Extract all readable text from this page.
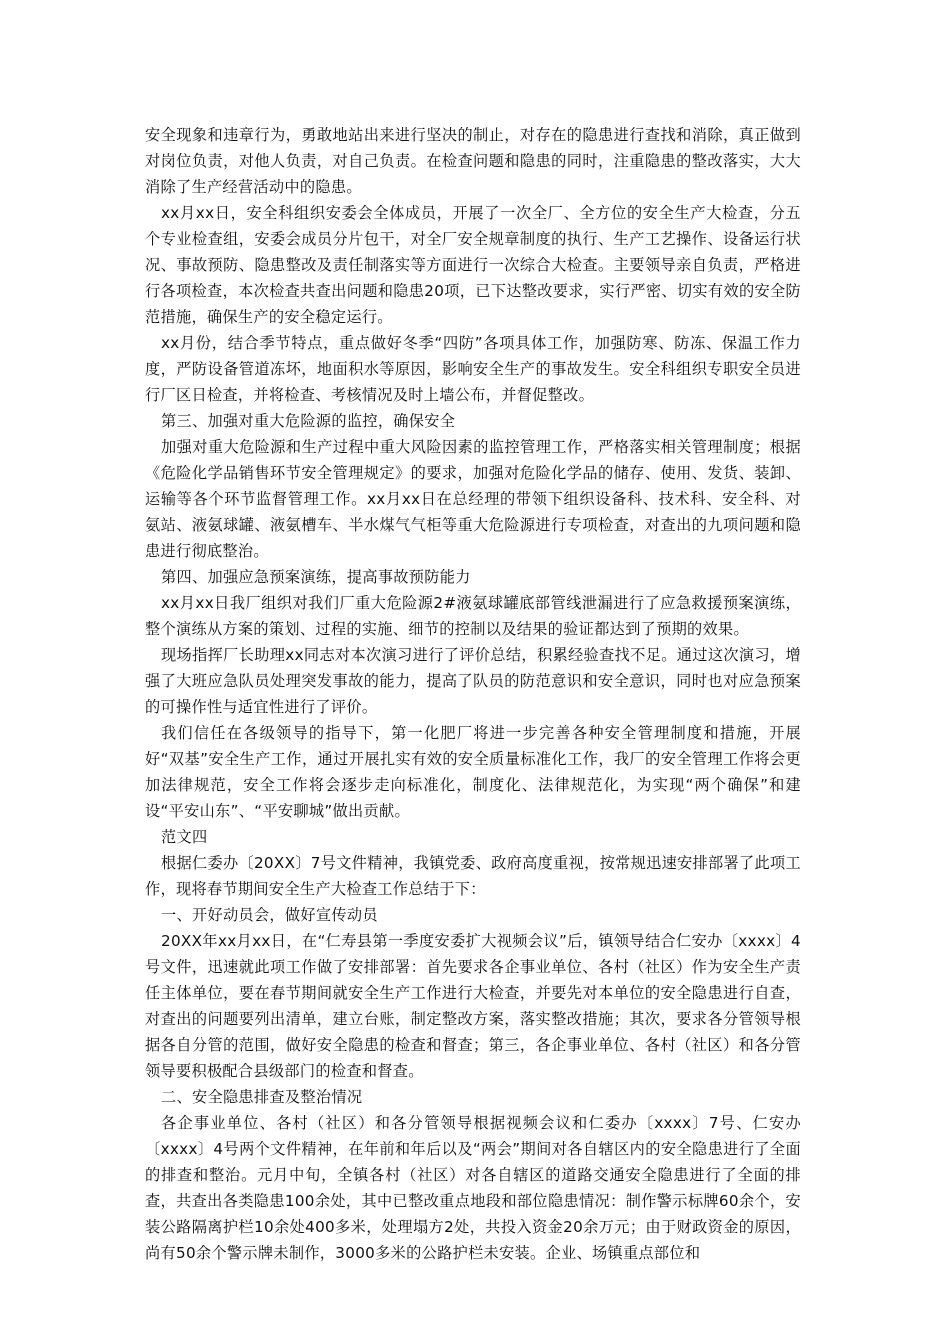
安全现象和违章行为，勇敢地站出来进行坚决的制止，对存在的隐患进行查找和消除，真正做到对岗位负责，对他人负责，对自己负责。在检查问题和隐患的同时，注重隐患的整改落实，大大消除了生产经营活动中的隐患。

xx月xx日，安全科组织安委会全体成员，开展了一次全厂、全方位的安全生产大检查，分五个专业检查组，安委会成员分片包干，对全厂安全规章制度的执行、生产工艺操作、设备运行状况、事故预防、隐患整改及责任制落实等方面进行一次综合大检查。主要领导亲自负责，严格进行各项检查，本次检查共查出问题和隐患20项，已下达整改要求，实行严密、切实有效的安全防范措施，确保生产的安全稳定运行。

xx月份，结合季节特点，重点做好冬季“四防”各项具体工作，加强防寒、防冻、保温工作力度，严防设备管道冻坏，地面积水等原因，影响安全生产的事故发生。安全科组织专职安全员进行厂区日检查，并将检查、考核情况及时上墙公布，并督促整改。

第三、加强对重大危险源的监控，确保安全

加强对重大危险源和生产过程中重大风险因素的监控管理工作，严格落实相关管理制度；根据《危险化学品销售环节安全管理规定》的要求，加强对危险化学品的储存、使用、发货、装卸、运输等各个环节监督管理工作。xx月xx日在总经理的带领下组织设备科、技术科、安全科、对氨站、液氨球罐、液氨槽车、半水煤气气柜等重大危险源进行专项检查，对查出的九项问题和隐患进行彻底整治。

第四、加强应急预案演练，提高事故预防能力

xx月xx日我厂组织对我们厂重大危险源2#液氨球罐底部管线泄漏进行了应急救援预案演练，整个演练从方案的策划、过程的实施、细节的控制以及结果的验证都达到了预期的效果。

现场指挥厂长助理xx同志对本次演习进行了评价总结，积累经验查找不足。通过这次演习，增强了大班应急队员处理突发事故的能力，提高了队员的防范意识和安全意识，同时也对应急预案的可操作性与适宜性进行了评价。

我们信任在各级领导的指导下，第一化肥厂将进一步完善各种安全管理制度和措施，开展好“双基”安全生产工作，通过开展扎实有效的安全质量标准化工作，我厂的安全管理工作将会更加法律规范，安全工作将会逐步走向标准化，制度化、法律规范化，为实现“两个确保”和建设“平安山东”、“平安聊城”做出贡献。

范文四

根据仁委办〔20XX〕7号文件精神，我镇党委、政府高度重视，按常规迅速安排部署了此项工作，现将春节期间安全生产大检查工作总结于下：

一、开好动员会，做好宣传动员

20XX年xx月xx日，在“仁寿县第一季度安委扩大视频会议”后，镇领导结合仁安办〔xxxx〕4号文件，迅速就此项工作做了安排部署：首先要求各企事业单位、各村（社区）作为安全生产责任主体单位，要在春节期间就安全生产工作进行大检查，并要先对本单位的安全隐患进行自查，对查出的问题要列出清单，建立台账，制定整改方案，落实整改措施；其次，要求各分管领导根据各自分管的范围，做好安全隐患的检查和督查；第三，各企事业单位、各村（社区）和各分管领导要积极配合县级部门的检查和督查。

二、安全隐患排查及整治情况

各企事业单位、各村（社区）和各分管领导根据视频会议和仁委办〔xxxx〕7号、仁安办〔xxxx〕4号两个文件精神，在年前和年后以及“两会”期间对各自辖区内的安全隐患进行了全面的排查和整治。元月中旬，全镇各村（社区）对各自辖区的道路交通安全隐患进行了全面的排查，共查出各类隐患100余处，其中已整改重点地段和部位隐患情况：制作警示标牌60余个，安装公路隔离护栏10余处400多米，处理塌方2处，共投入资金20余万元；由于财政资金的原因，尚有50余个警示牌未制作，3000多米的公路护栏未安装。企业、场镇重点部位和
